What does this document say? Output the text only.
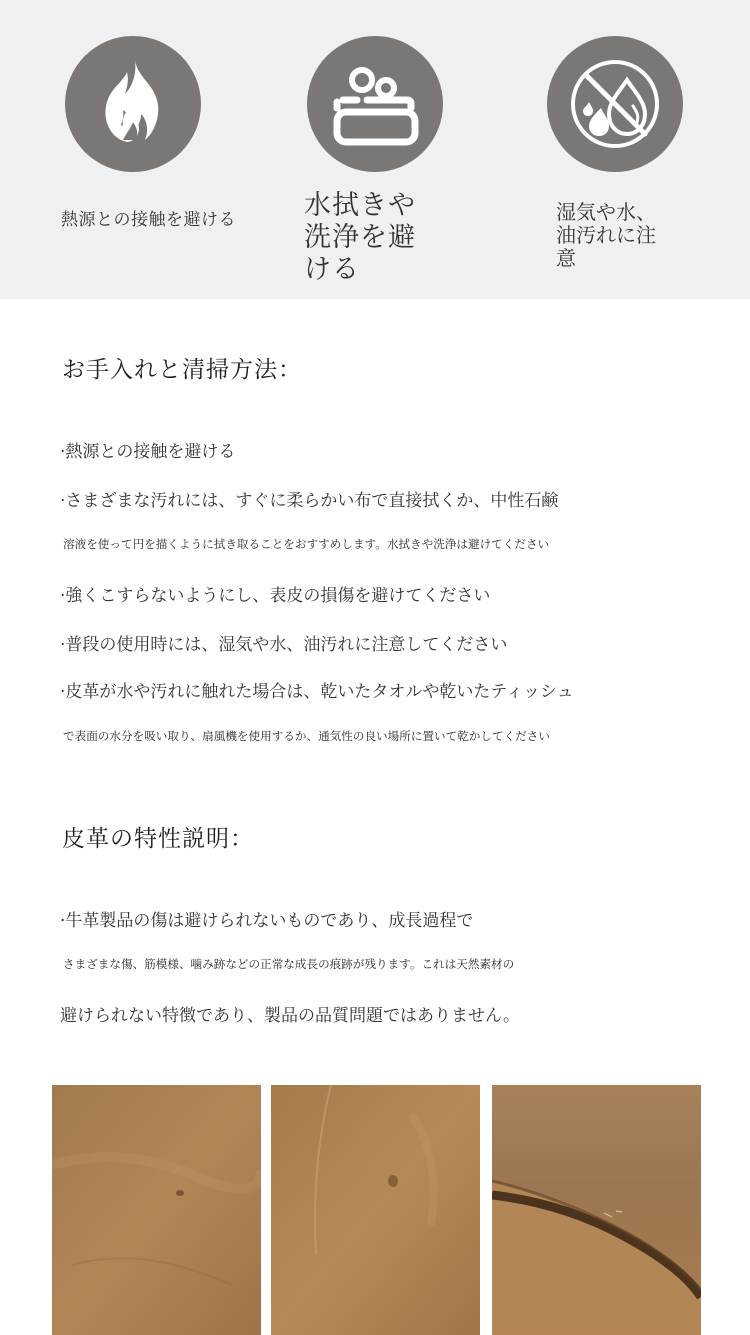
熱源との接触を避ける	水拭きや洗浄を避ける
湿気や水、油汚れに注意
お手入れと清掃方法：
·熱源との接触を避ける
·さまざまな汚れには、すぐに柔らかい布で直接拭くか、中性石鹸
溶液を使って円を描くように拭き取ることをおすすめします。水拭きや洗浄は避けてください
·強くこすらないようにし、表皮の損傷を避けてください
·普段の使用時には、湿気や水、油汚れに注意してください
·皮革が水や汚れに触れた場合は、乾いたタオルや乾いたティッシュ
で表面の水分を吸い取り、扇風機を使用するか、通気性の良い場所に置いて乾かしてください
皮革の特性説明：
·牛革製品の傷は避けられないものであり、成長過程で
さまざまな傷、筋模様、噛み跡などの正常な成長の痕跡が残ります。これは天然素材の
避けられない特徴であり、製品の品質問題ではありません。
